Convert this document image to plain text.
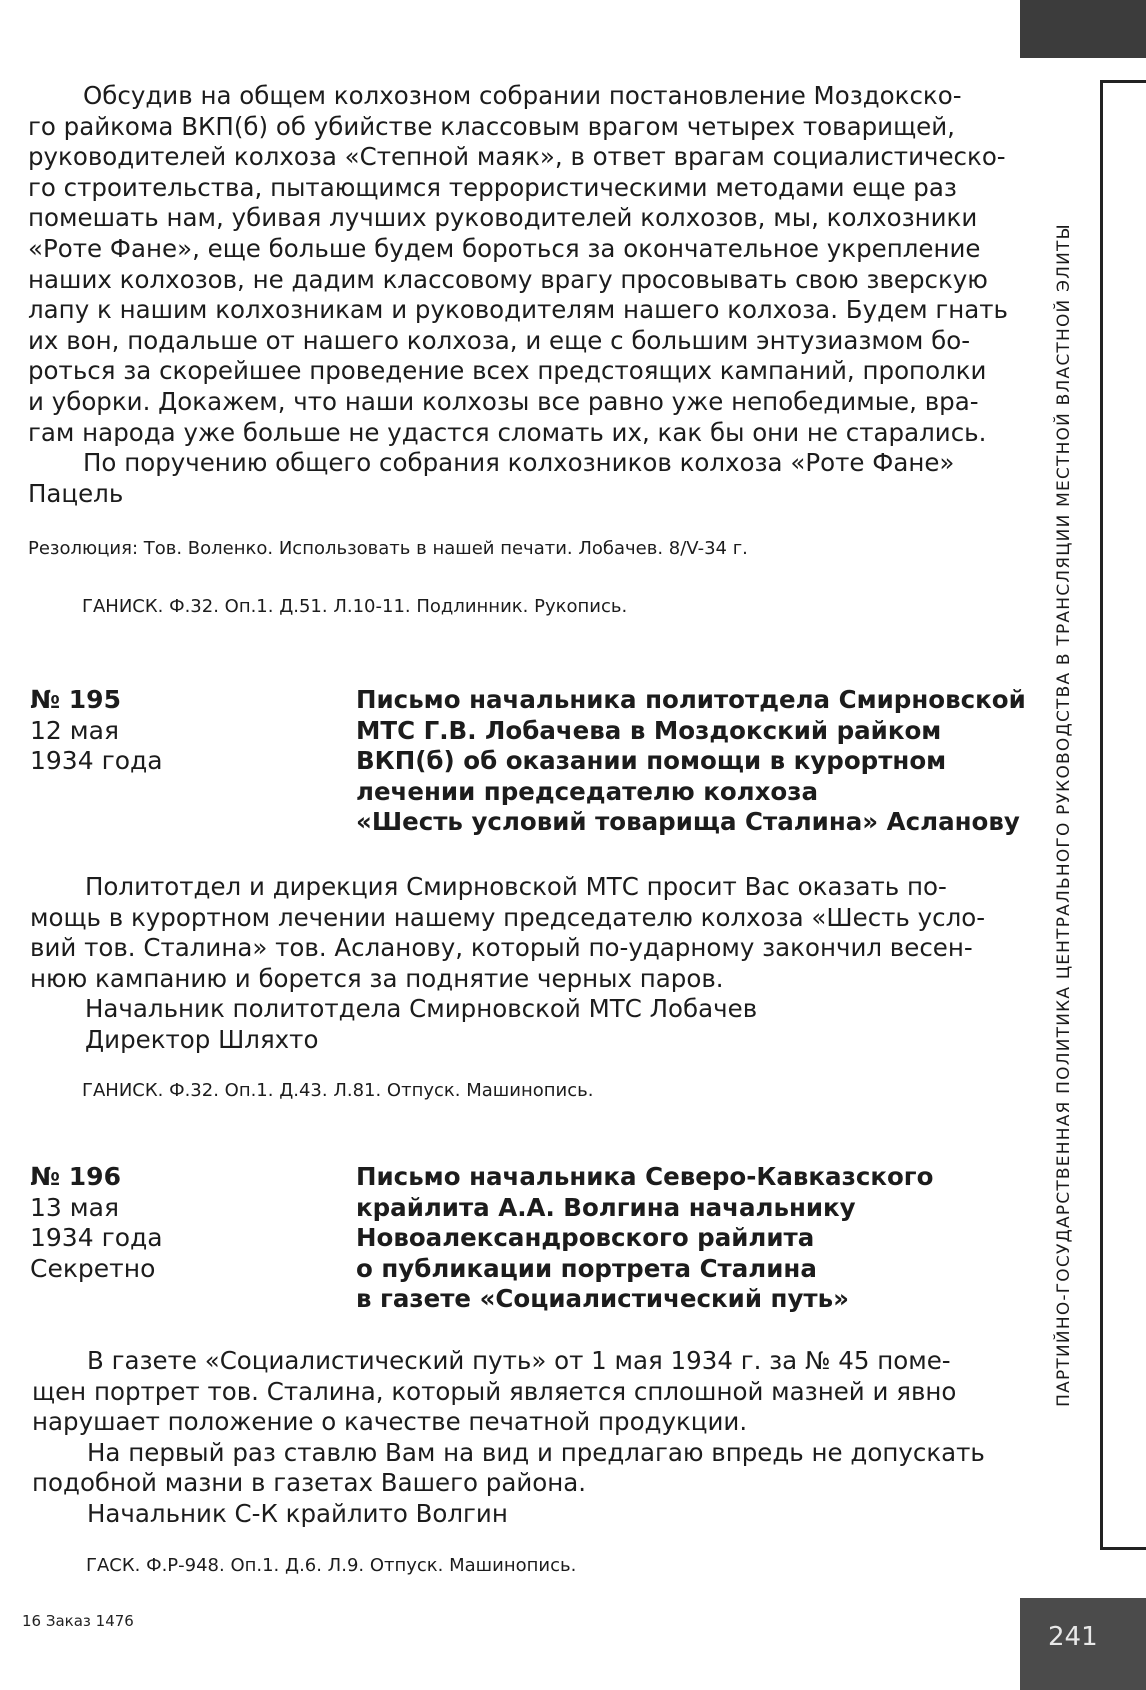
ПАРТИЙНО-ГОСУДАРСТВЕННАЯ ПОЛИТИКА ЦЕНТРАЛЬНОГО РУКОВОДСТВА В ТРАНСЛЯЦИИ МЕСТНОЙ ВЛАСТНОЙ ЭЛИТЫ

Обсудив на общем колхозном собрании постановление Моздокско-

го райкома ВКП(б) об убийстве классовым врагом четырех товарищей,

руководителей колхоза «Степной маяк», в ответ врагам социалистическо-

го строительства, пытающимся террористическими методами еще раз

помешать нам, убивая лучших руководителей колхозов, мы, колхозники

«Роте Фане», еще больше будем бороться за окончательное укрепление

наших колхозов, не дадим классовому врагу просовывать свою зверскую

лапу к нашим колхозникам и руководителям нашего колхоза. Будем гнать

их вон, подальше от нашего колхоза, и еще с большим энтузиазмом бо-

роться за скорейшее проведение всех предстоящих кампаний, прополки

и уборки. Докажем, что наши колхозы все равно уже непобедимые, вра-

гам народа уже больше не удастся сломать их, как бы они не старались.

По поручению общего собрания колхозников колхоза «Роте Фане»

Пацель

Резолюция: Тов. Воленко. Использовать в нашей печати. Лобачев. 8/V-34 г.
ГАНИСК. Ф.32. Оп.1. Д.51. Л.10-11. Подлинник. Рукопись.
№ 195
12 мая
1934 года
Письмо начальника политотдела Смирновской
МТС Г.В. Лобачева в Моздокский райком
ВКП(б) об оказании помощи в курортном
лечении председателю колхоза
«Шесть условий товарища Сталина» Асланову

Политотдел и дирекция Смирновской МТС просит Вас оказать по-

мощь в курортном лечении нашему председателю колхоза «Шесть усло-

вий тов. Сталина» тов. Асланову, который по-ударному закончил весен-

нюю кампанию и борется за поднятие черных паров.

Начальник политотдела Смирновской МТС Лобачев

Директор Шляхто

ГАНИСК. Ф.32. Оп.1. Д.43. Л.81. Отпуск. Машинопись.
№ 196
13 мая
1934 года
Секретно
Письмо начальника Северо-Кавказского
крайлита А.А. Волгина начальнику
Новоалександровского райлита
о публикации портрета Сталина
в газете «Социалистический путь»

В газете «Социалистический путь» от 1 мая 1934 г. за № 45 поме-

щен портрет тов. Сталина, который является сплошной мазней и явно

нарушает положение о качестве печатной продукции.

На первый раз ставлю Вам на вид и предлагаю впредь не допускать

подобной мазни в газетах Вашего района.

Начальник С-К крайлито Волгин

ГАСК. Ф.Р-948. Оп.1. Д.6. Л.9. Отпуск. Машинопись.
16 Заказ 1476
241
